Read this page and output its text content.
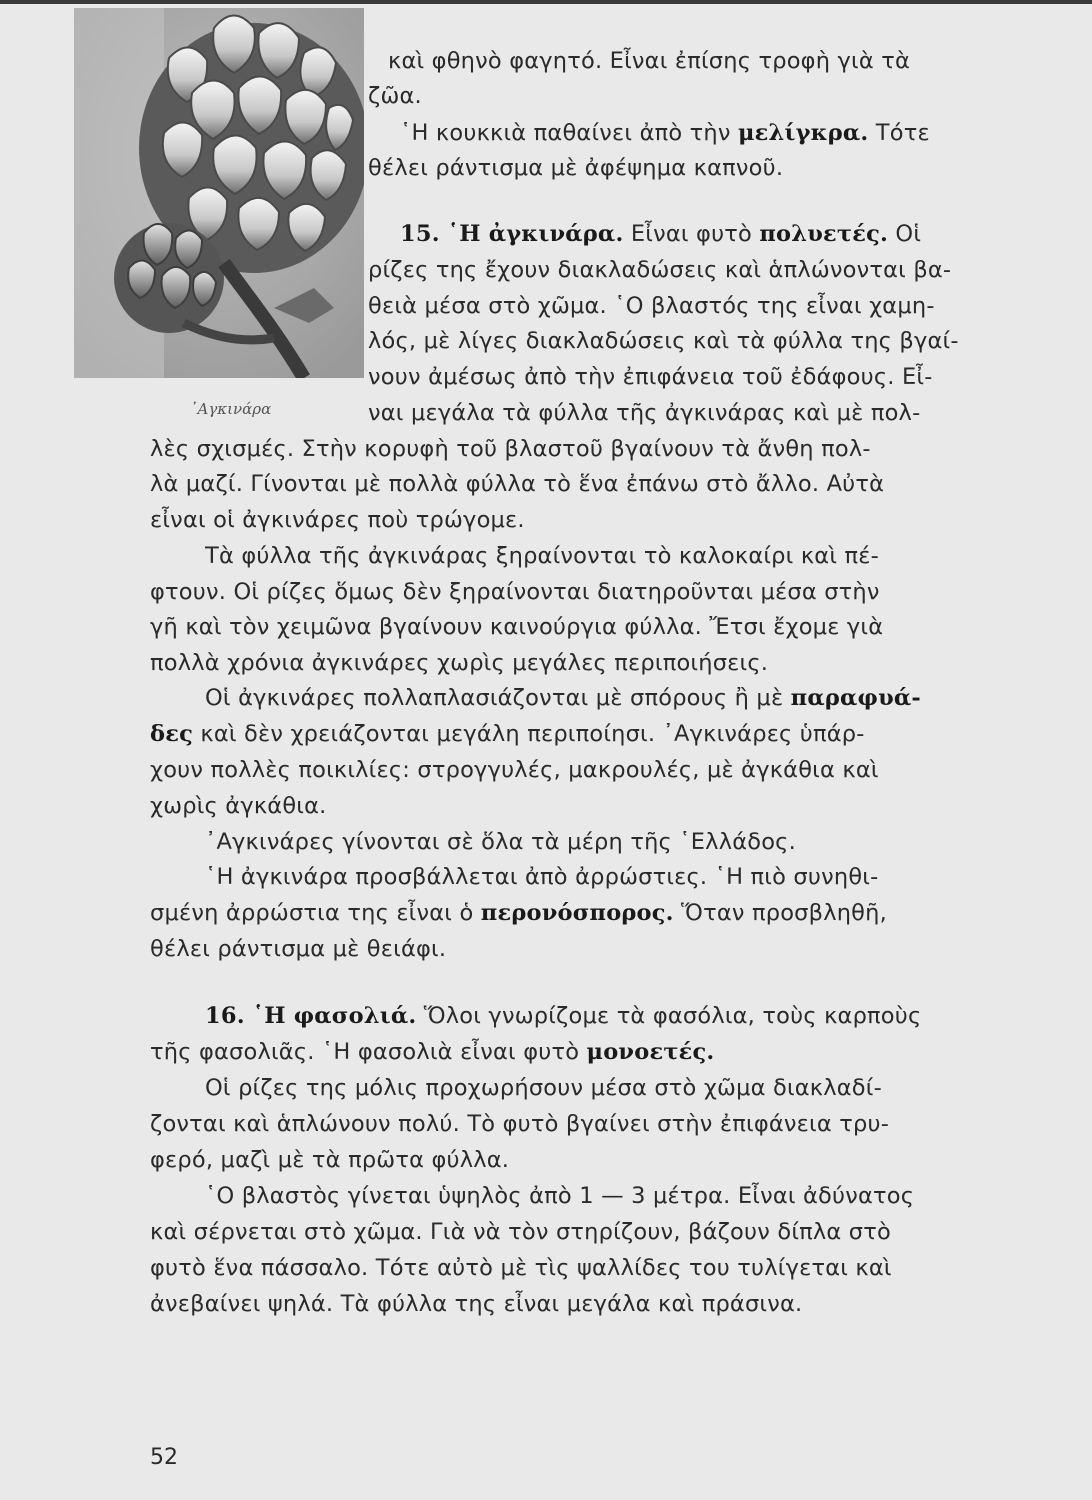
᾿Αγκινάρα
καὶ φθηνὸ φαγητό. Εἶναι ἐπίσης τροφὴ γιὰ τὰ
ζῶα.
῾Η κουκκιὰ παθαίνει ἀπὸ τὴν μελίγκρα. Τότε
θέλει ράντισμα μὲ ἀφέψημα καπνοῦ.
15. ῾Η ἀγκινάρα. Εἶναι φυτὸ πολυετές. Οἱ
ρίζες της ἔχουν διακλαδώσεις καὶ ἁπλώνονται βα-
θειὰ μέσα στὸ χῶμα. ῾Ο βλαστός της εἶναι χαμη-
λός, μὲ λίγες διακλαδώσεις καὶ τὰ φύλλα της βγαί-
νουν ἀμέσως ἀπὸ τὴν ἐπιφάνεια τοῦ ἐδάφους. Εἶ-
ναι μεγάλα τὰ φύλλα τῆς ἀγκινάρας καὶ μὲ πολ-
λὲς σχισμές. Στὴν κορυφὴ τοῦ βλαστοῦ βγαίνουν τὰ ἄνθη πολ-
λὰ μαζί. Γίνονται μὲ πολλὰ φύλλα τὸ ἕνα ἐπάνω στὸ ἄλλο. Αὐτὰ
εἶναι οἱ ἀγκινάρες ποὺ τρώγομε.
Τὰ φύλλα τῆς ἀγκινάρας ξηραίνονται τὸ καλοκαίρι καὶ πέ-
φτουν. Οἱ ρίζες ὅμως δὲν ξηραίνονται διατηροῦνται μέσα στὴν
γῆ καὶ τὸν χειμῶνα βγαίνουν καινούργια φύλλα. Ἔτσι ἔχομε γιὰ
πολλὰ χρόνια ἀγκινάρες χωρὶς μεγάλες περιποιήσεις.
Οἱ ἀγκινάρες πολλαπλασιάζονται μὲ σπόρους ἢ μὲ παραφυά-
δες καὶ δὲν χρειάζονται μεγάλη περιποίησι. ᾿Αγκινάρες ὑπάρ-
χουν πολλὲς ποικιλίες: στρογγυλές, μακρουλές, μὲ ἀγκάθια καὶ
χωρὶς ἀγκάθια.
᾿Αγκινάρες γίνονται σὲ ὅλα τὰ μέρη τῆς ῾Ελλάδος.
῾Η ἀγκινάρα προσβάλλεται ἀπὸ ἀρρώστιες. ῾Η πιὸ συνηθι-
σμένη ἀρρώστια της εἶναι ὁ περονόσπορος. Ὅταν προσβληθῆ,
θέλει ράντισμα μὲ θειάφι.
16. ῾Η φασολιά. Ὅλοι γνωρίζομε τὰ φασόλια, τοὺς καρποὺς
τῆς φασολιᾶς. ῾Η φασολιὰ εἶναι φυτὸ μονοετές.
Οἱ ρίζες της μόλις προχωρήσουν μέσα στὸ χῶμα διακλαδί-
ζονται καὶ ἁπλώνουν πολύ. Τὸ φυτὸ βγαίνει στὴν ἐπιφάνεια τρυ-
φερό, μαζὶ μὲ τὰ πρῶτα φύλλα.
῾Ο βλαστὸς γίνεται ὑψηλὸς ἀπὸ 1 — 3 μέτρα. Εἶναι ἀδύνατος
καὶ σέρνεται στὸ χῶμα. Γιὰ νὰ τὸν στηρίζουν, βάζουν δίπλα στὸ
φυτὸ ἕνα πάσσαλο. Τότε αὐτὸ μὲ τὶς ψαλλίδες του τυλίγεται καὶ
ἀνεβαίνει ψηλά. Τὰ φύλλα της εἶναι μεγάλα καὶ πράσινα.
52
